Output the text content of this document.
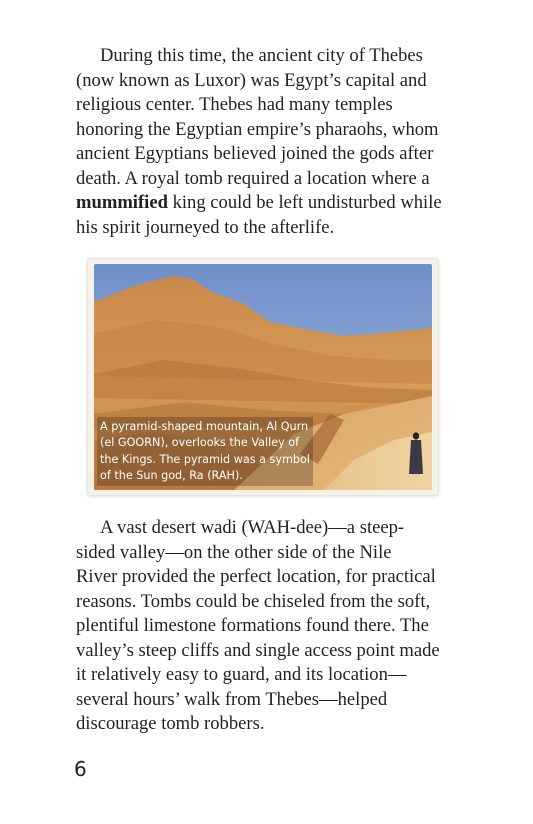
During this time, the ancient city of Thebes
(now known as Luxor) was Egypt’s capital and
religious center. Thebes had many temples
honoring the Egyptian empire’s pharaohs, whom
ancient Egyptians believed joined the gods after
death. A royal tomb required a location where a
mummified king could be left undisturbed while
his spirit journeyed to the afterlife.
A pyramid-shaped mountain, Al Qurn
(el GOORN), overlooks the Valley of
the Kings. The pyramid was a symbol
of the Sun god, Ra (RAH).
A vast desert wadi (WAH-dee)—a steep-
sided valley—on the other side of the Nile
River provided the perfect location, for practical
reasons. Tombs could be chiseled from the soft,
plentiful limestone formations found there. The
valley’s steep cliffs and single access point made
it relatively easy to guard, and its location—
several hours’ walk from Thebes—helped
discourage tomb robbers.
6
